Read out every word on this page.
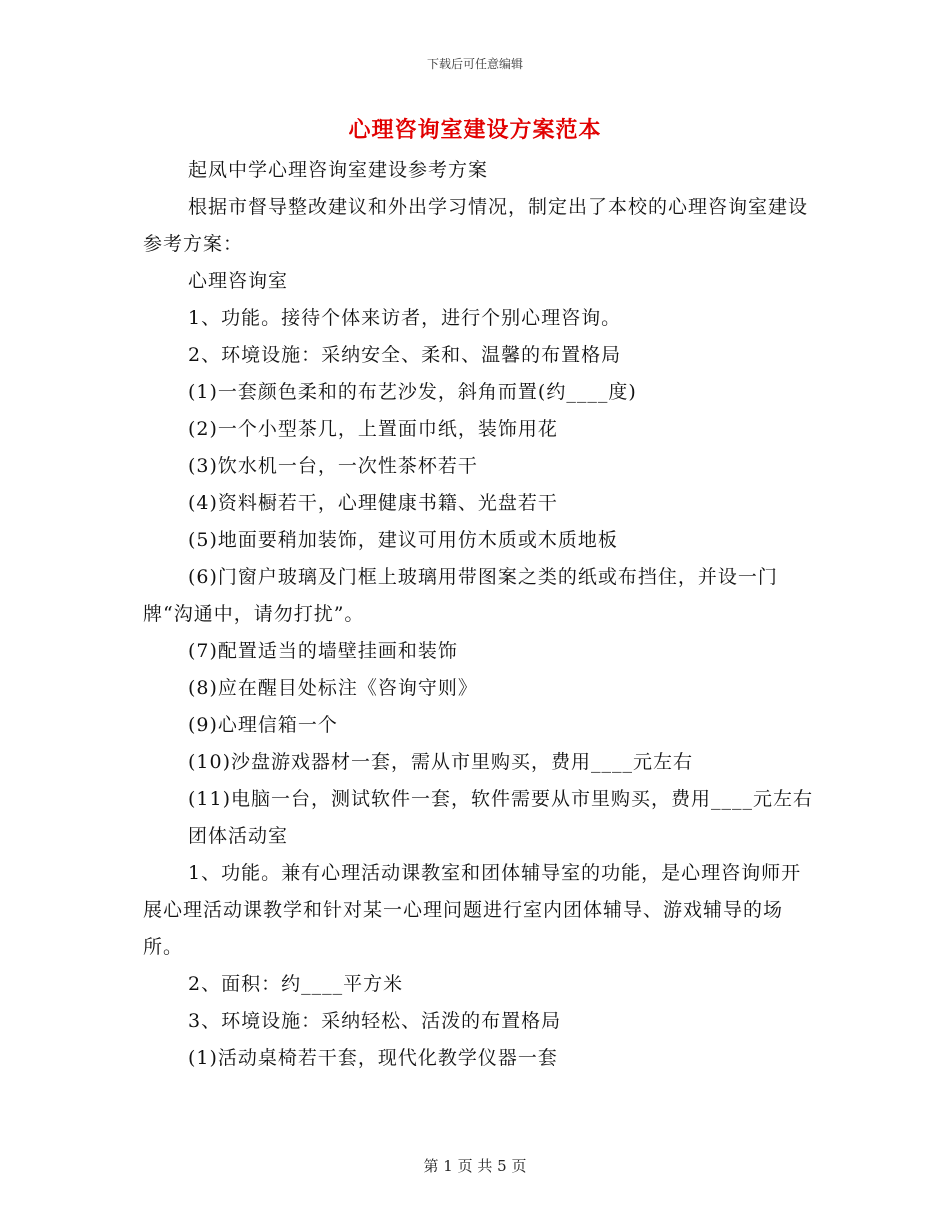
下载后可任意编辑
心理咨询室建设方案范本

起凤中学心理咨询室建设参考方案

根据市督导整改建议和外出学习情况，制定出了本校的心理咨询室建设参考方案：

心理咨询室

1、功能。接待个体来访者，进行个别心理咨询。

2、环境设施：采纳安全、柔和、温馨的布置格局

(1)一套颜色柔和的布艺沙发，斜角而置(约____度)

(2)一个小型茶几，上置面巾纸，装饰用花

(3)饮水机一台，一次性茶杯若干

(4)资料橱若干，心理健康书籍、光盘若干

(5)地面要稍加装饰，建议可用仿木质或木质地板

(6)门窗户玻璃及门框上玻璃用带图案之类的纸或布挡住，并设一门牌“沟通中，请勿打扰”。

(7)配置适当的墙壁挂画和装饰

(8)应在醒目处标注《咨询守则》

(9)心理信箱一个

(10)沙盘游戏器材一套，需从市里购买，费用____元左右

(11)电脑一台，测试软件一套，软件需要从市里购买，费用____元左右

团体活动室

1、功能。兼有心理活动课教室和团体辅导室的功能，是心理咨询师开展心理活动课教学和针对某一心理问题进行室内团体辅导、游戏辅导的场所。

2、面积：约____平方米

3、环境设施：采纳轻松、活泼的布置格局

(1)活动桌椅若干套，现代化教学仪器一套

第 1 页 共 5 页
